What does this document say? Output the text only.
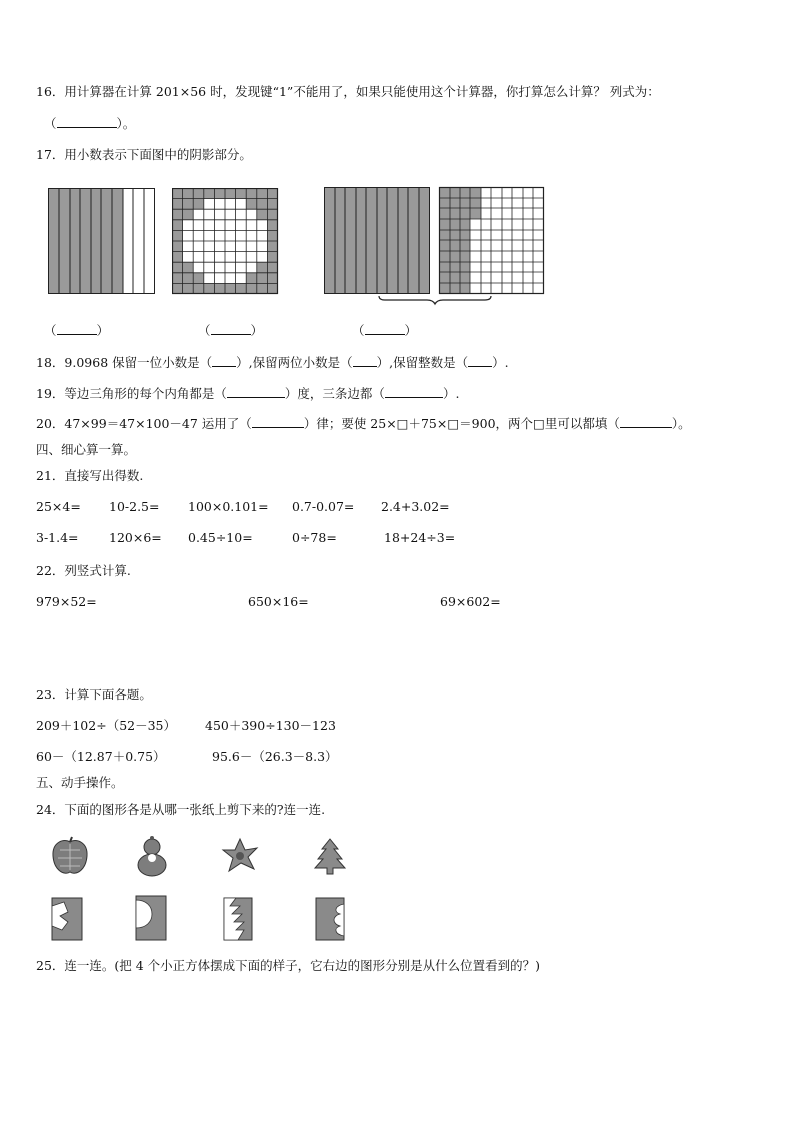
16．用计算器在计算 201×56 时，发现键“1”不能用了，如果只能使用这个计算器，你打算怎么计算？ 列式为：
（	）。
17．用小数表示下面图中的阴影部分。
（	）	（	）	（	）
18．9.0968 保留一位小数是（ ）,保留两位小数是（ ）,保留整数是（ ）.
19．等边三角形的每个内角都是（	）度，三条边都（	）.
20．47×99＝47×100－47 运用了（	）律；要使 25×□＋75×□＝900，两个□里可以都填（	）。
四、细心算一算。
21．直接写出得数.
25×4= 10-2.5= 100×0.101= 0.7-0.07= 2.4+3.02=
3-1.4= 120×6= 0.45÷10=	0÷78=	18+24÷3=
22．列竖式计算.
979×52=	650×16=	69×602=
23．计算下面各题。
209＋102÷（52－35） 450＋390÷130－123
60－（12.87＋0.75）	95.6－（26.3－8.3）
五、动手操作。
24．下面的图形各是从哪一张纸上剪下来的?连一连.
25．连一连。(把 4 个小正方体摆成下面的样子，它右边的图形分别是从什么位置看到的？)
